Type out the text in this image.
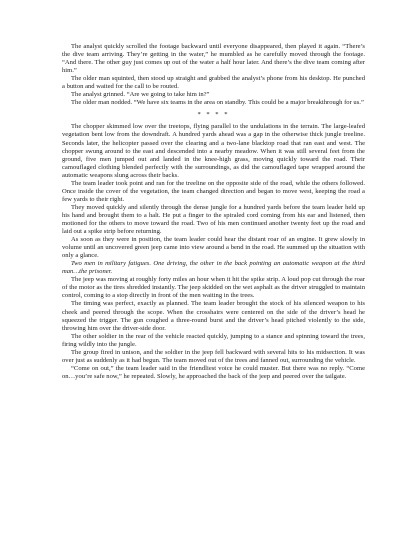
The analyst quickly scrolled the footage backward until everyone disappeared, then played it again. “There’s the dive team arriving. They’re getting in the water,” he mumbled as he carefully moved through the footage. “And there. The other guy just comes up out of the water a half hour later. And there’s the dive team coming after him.”

The older man squinted, then stood up straight and grabbed the analyst’s phone from his desktop. He punched a button and waited for the call to be routed.

The analyst grinned. “Are we going to take him in?”

The older man nodded. “We have six teams in the area on standby. This could be a major breakthrough for us.”

* * * *

The chopper skimmed low over the treetops, flying parallel to the undulations in the terrain. The large-leafed vegetation bent low from the downdraft. A hundred yards ahead was a gap in the otherwise thick jungle treeline. Seconds later, the helicopter passed over the clearing and a two-lane blacktop road that ran east and west. The chopper swung around to the east and descended into a nearby meadow. When it was still several feet from the ground, five men jumped out and landed in the knee-high grass, moving quickly toward the road. Their camouflaged clothing blended perfectly with the surroundings, as did the camouflaged tape wrapped around the automatic weapons slung across their backs.

The team leader took point and ran for the treeline on the opposite side of the road, while the others followed. Once inside the cover of the vegetation, the team changed direction and began to move west, keeping the road a few yards to their right.

They moved quickly and silently through the dense jungle for a hundred yards before the team leader held up his hand and brought them to a halt. He put a finger to the spiraled cord coming from his ear and listened, then motioned for the others to move toward the road. Two of his men continued another twenty feet up the road and laid out a spike strip before returning.

As soon as they were in position, the team leader could hear the distant roar of an engine. It grew slowly in volume until an uncovered green jeep came into view around a bend in the road. He summed up the situation with only a glance.

Two men in military fatigues. One driving, the other in the back pointing an automatic weapon at the third man…the prisoner.

The jeep was moving at roughly forty miles an hour when it hit the spike strip. A loud pop cut through the roar of the motor as the tires shredded instantly. The jeep skidded on the wet asphalt as the driver struggled to maintain control, coming to a stop directly in front of the men waiting in the trees.

The timing was perfect, exactly as planned. The team leader brought the stock of his silenced weapon to his cheek and peered through the scope. When the crosshairs were centered on the side of the driver’s head he squeezed the trigger. The gun coughed a three-round burst and the driver’s head pitched violently to the side, throwing him over the driver-side door.

The other soldier in the rear of the vehicle reacted quickly, jumping to a stance and spinning toward the trees, firing wildly into the jungle.

The group fired in unison, and the soldier in the jeep fell backward with several hits to his midsection. It was over just as suddenly as it had begun. The team moved out of the trees and fanned out, surrounding the vehicle.

“Come on out,” the team leader said in the friendliest voice he could muster. But there was no reply. “Come on…you’re safe now,” he repeated. Slowly, he approached the back of the jeep and peered over the tailgate.
